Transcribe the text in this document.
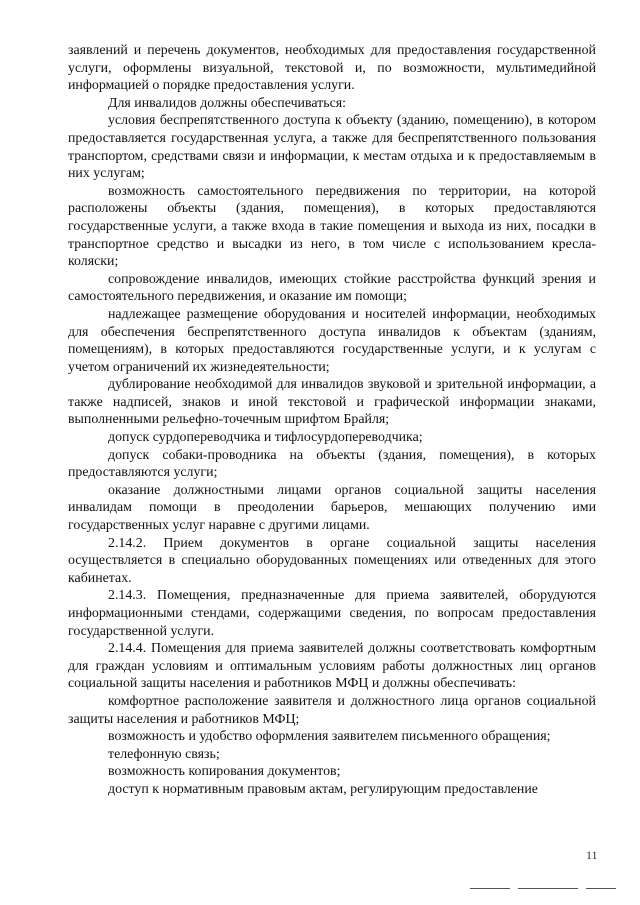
заявлений и перечень документов, необходимых для предоставления государственной услуги, оформлены визуальной, текстовой и, по возможности, мультимедийной информацией о порядке предоставления услуги.

Для инвалидов должны обеспечиваться:

условия беспрепятственного доступа к объекту (зданию, помещению), в котором предоставляется государственная услуга, а также для беспрепятственного пользования транспортом, средствами связи и информации, к местам отдыха и к предоставляемым в них услугам;

возможность самостоятельного передвижения по территории, на которой расположены объекты (здания, помещения), в которых предоставляются государственные услуги, а также входа в такие помещения и выхода из них, посадки в транспортное средство и высадки из него, в том числе с использованием кресла-коляски;

сопровождение инвалидов, имеющих стойкие расстройства функций зрения и самостоятельного передвижения, и оказание им помощи;

надлежащее размещение оборудования и носителей информации, необходимых для обеспечения беспрепятственного доступа инвалидов к объектам (зданиям, помещениям), в которых предоставляются государственные услуги, и к услугам с учетом ограничений их жизнедеятельности;

дублирование необходимой для инвалидов звуковой и зрительной информации, а также надписей, знаков и иной текстовой и графической информации знаками, выполненными рельефно-точечным шрифтом Брайля;

допуск сурдопереводчика и тифлосурдопереводчика;

допуск собаки-проводника на объекты (здания, помещения), в которых предоставляются услуги;

оказание должностными лицами органов социальной защиты населения инвалидам помощи в преодолении барьеров, мешающих получению ими государственных услуг наравне с другими лицами.

2.14.2. Прием документов в органе социальной защиты населения осуществляется в специально оборудованных помещениях или отведенных для этого кабинетах.

2.14.3. Помещения, предназначенные для приема заявителей, оборудуются информационными стендами, содержащими сведения, по вопросам предоставления государственной услуги.

2.14.4. Помещения для приема заявителей должны соответствовать комфортным для граждан условиям и оптимальным условиям работы должностных лиц органов социальной защиты населения и работников МФЦ и должны обеспечивать:

комфортное расположение заявителя и должностного лица органов социальной защиты населения и работников МФЦ;

возможность и удобство оформления заявителем письменного обращения;

телефонную связь;

возможность копирования документов;

доступ к нормативным правовым актам, регулирующим предоставление

11
